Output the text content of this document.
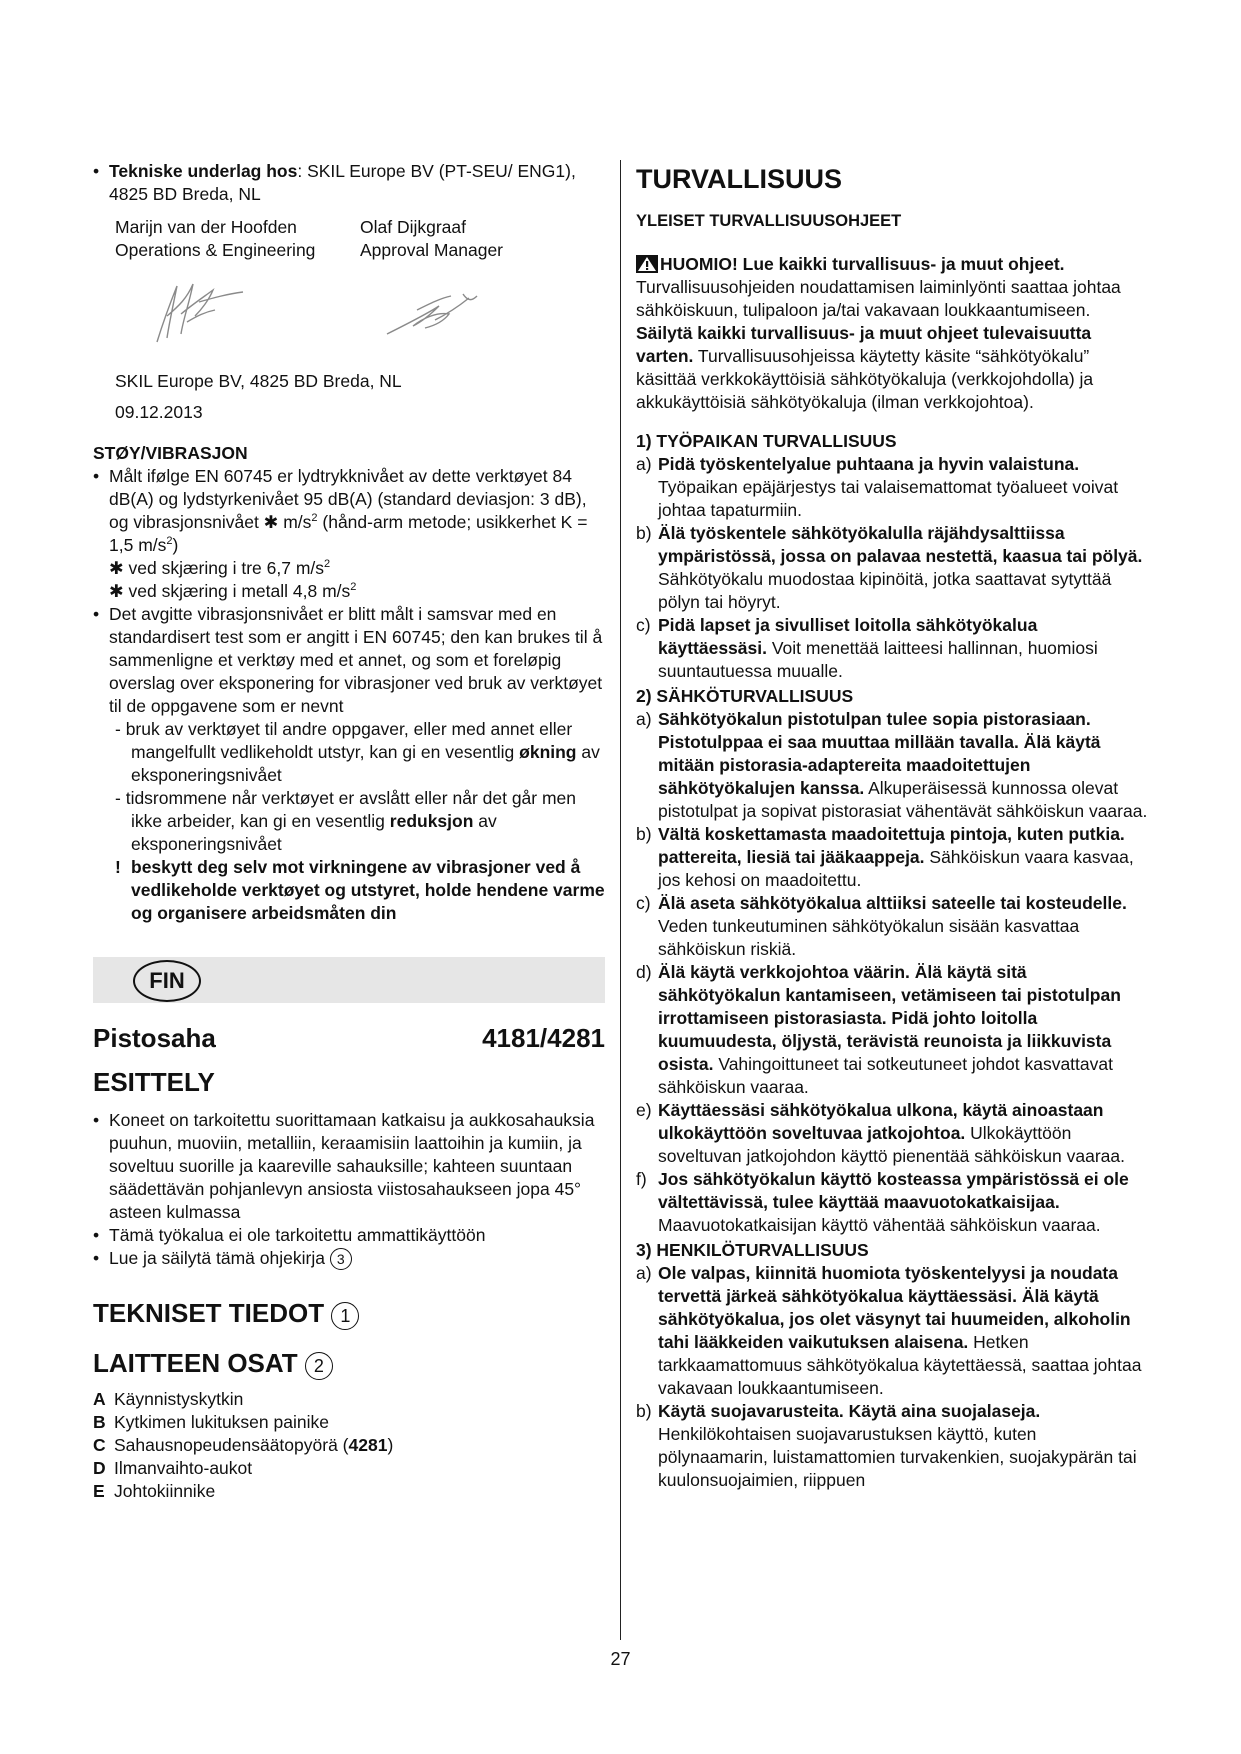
• Tekniske underlag hos: SKIL Europe BV (PT-SEU/ ENG1), 4825 BD Breda, NL

Marijn van der Hoofden

Operations & Engineering

Olaf Dijkgraaf

Approval Manager

SKIL Europe BV, 4825 BD Breda, NL

09.12.2013

STØY/VIBRASJON

• Målt ifølge EN 60745 er lydtrykknivået av dette verktøyet 84 dB(A) og lydstyrkenivået 95 dB(A) (standard deviasjon: 3 dB), og vibrasjonsnivået ✱ $m/s^2$ (hånd-arm metode; usikkerhet K = 1,5 $m/s^2$)

✱ ved skjæring i tre 6,7 $m/s^2$

✱ ved skjæring i metall 4,8 $m/s^2$

• Det avgitte vibrasjonsnivået er blitt målt i samsvar med en standardisert test som er angitt i EN 60745; den kan brukes til å sammenligne et verktøy med et annet, og som et foreløpig overslag over eksponering for vibrasjoner ved bruk av verktøyet til de oppgavene som er nevnt

- bruk av verktøyet til andre oppgaver, eller med annet eller mangelfullt vedlikeholdt utstyr, kan gi en vesentlig økning av eksponeringsnivået

- tidsrommene når verktøyet er avslått eller når det går men ikke arbeider, kan gi en vesentlig reduksjon av eksponeringsnivået

! beskytt deg selv mot virkningene av vibrasjoner ved å vedlikeholde verktøyet og utstyret, holde hendene varme og organisere arbeidsmåten din

FIN
Pistosaha	4181/4281

ESITTELY

• Koneet on tarkoitettu suorittamaan katkaisu ja aukkosahauksia puuhun, muoviin, metalliin, keraamisiin laattoihin ja kumiin, ja soveltuu suorille ja kaareville sahauksille; kahteen suuntaan säädettävän pohjanlevyn ansiosta viistosahaukseen jopa 45° asteen kulmassa

• Tämä työkalua ei ole tarkoitettu ammattikäyttöön

• Lue ja säilytä tämä ohjekirja 3

TEKNISET TIEDOT 1

LAITTEEN OSAT 2

A Käynnistyskytkin
B Kytkimen lukituksen painike
C Sahausnopeudensäätopyörä (4281)
D Ilmanvaihto-aukot
E Johtokiinnike

TURVALLISUUS

YLEISET TURVALLISUUSOHJEET

HUOMIO! Lue kaikki turvallisuus- ja muut ohjeet. Turvallisuusohjeiden noudattamisen laiminlyönti saattaa johtaa sähköiskuun, tulipaloon ja/tai vakavaan loukkaantumiseen. Säilytä kaikki turvallisuus- ja muut ohjeet tulevaisuutta varten. Turvallisuusohjeissa käytetty käsite “sähkötyökalu” käsittää verkkokäyttöisiä sähkötyökaluja (verkkojohdolla) ja akkukäyttöisiä sähkötyökaluja (ilman verkkojohtoa).

1) TYÖPAIKAN TURVALLISUUS

a) Pidä työskentelyalue puhtaana ja hyvin valaistuna. Työpaikan epäjärjestys tai valaisemattomat työalueet voivat johtaa tapaturmiin.

b) Älä työskentele sähkötyökalulla räjähdysalttiissa ympäristössä, jossa on palavaa nestettä, kaasua tai pölyä. Sähkötyökalu muodostaa kipinöitä, jotka saattavat sytyttää pölyn tai höyryt.

c) Pidä lapset ja sivulliset loitolla sähkötyökalua käyttäessäsi. Voit menettää laitteesi hallinnan, huomiosi suuntautuessa muualle.

2) SÄHKÖTURVALLISUUS

a) Sähkötyökalun pistotulpan tulee sopia pistorasiaan. Pistotulppaa ei saa muuttaa millään tavalla. Älä käytä mitään pistorasia-adaptereita maadoitettujen sähkötyökalujen kanssa. Alkuperäisessä kunnossa olevat pistotulpat ja sopivat pistorasiat vähentävät sähköiskun vaaraa.

b) Vältä koskettamasta maadoitettuja pintoja, kuten putkia. pattereita, liesiä tai jääkaappeja. Sähköiskun vaara kasvaa, jos kehosi on maadoitettu.

c) Älä aseta sähkötyökalua alttiiksi sateelle tai kosteudelle. Veden tunkeutuminen sähkötyökalun sisään kasvattaa sähköiskun riskiä.

d) Älä käytä verkkojohtoa väärin. Älä käytä sitä sähkötyökalun kantamiseen, vetämiseen tai pistotulpan irrottamiseen pistorasiasta. Pidä johto loitolla kuumuudesta, öljystä, terävistä reunoista ja liikkuvista osista. Vahingoittuneet tai sotkeutuneet johdot kasvattavat sähköiskun vaaraa.

e) Käyttäessäsi sähkötyökalua ulkona, käytä ainoastaan ulkokäyttöön soveltuvaa jatkojohtoa. Ulkokäyttöön soveltuvan jatkojohdon käyttö pienentää sähköiskun vaaraa.

f) Jos sähkötyökalun käyttö kosteassa ympäristössä ei ole vältettävissä, tulee käyttää maavuotokatkaisijaa. Maavuotokatkaisijan käyttö vähentää sähköiskun vaaraa.

3) HENKILÖTURVALLISUUS

a) Ole valpas, kiinnitä huomiota työskentelyysi ja noudata tervettä järkeä sähkötyökalua käyttäessäsi. Älä käytä sähkötyökalua, jos olet väsynyt tai huumeiden, alkoholin tahi lääkkeiden vaikutuksen alaisena. Hetken tarkkaamattomuus sähkötyökalua käytettäessä, saattaa johtaa vakavaan loukkaantumiseen.

b) Käytä suojavarusteita. Käytä aina suojalaseja. Henkilökohtaisen suojavarustuksen käyttö, kuten pölynaamarin, luistamattomien turvakenkien, suojakypärän tai kuulonsuojaimien, riippuen

27
